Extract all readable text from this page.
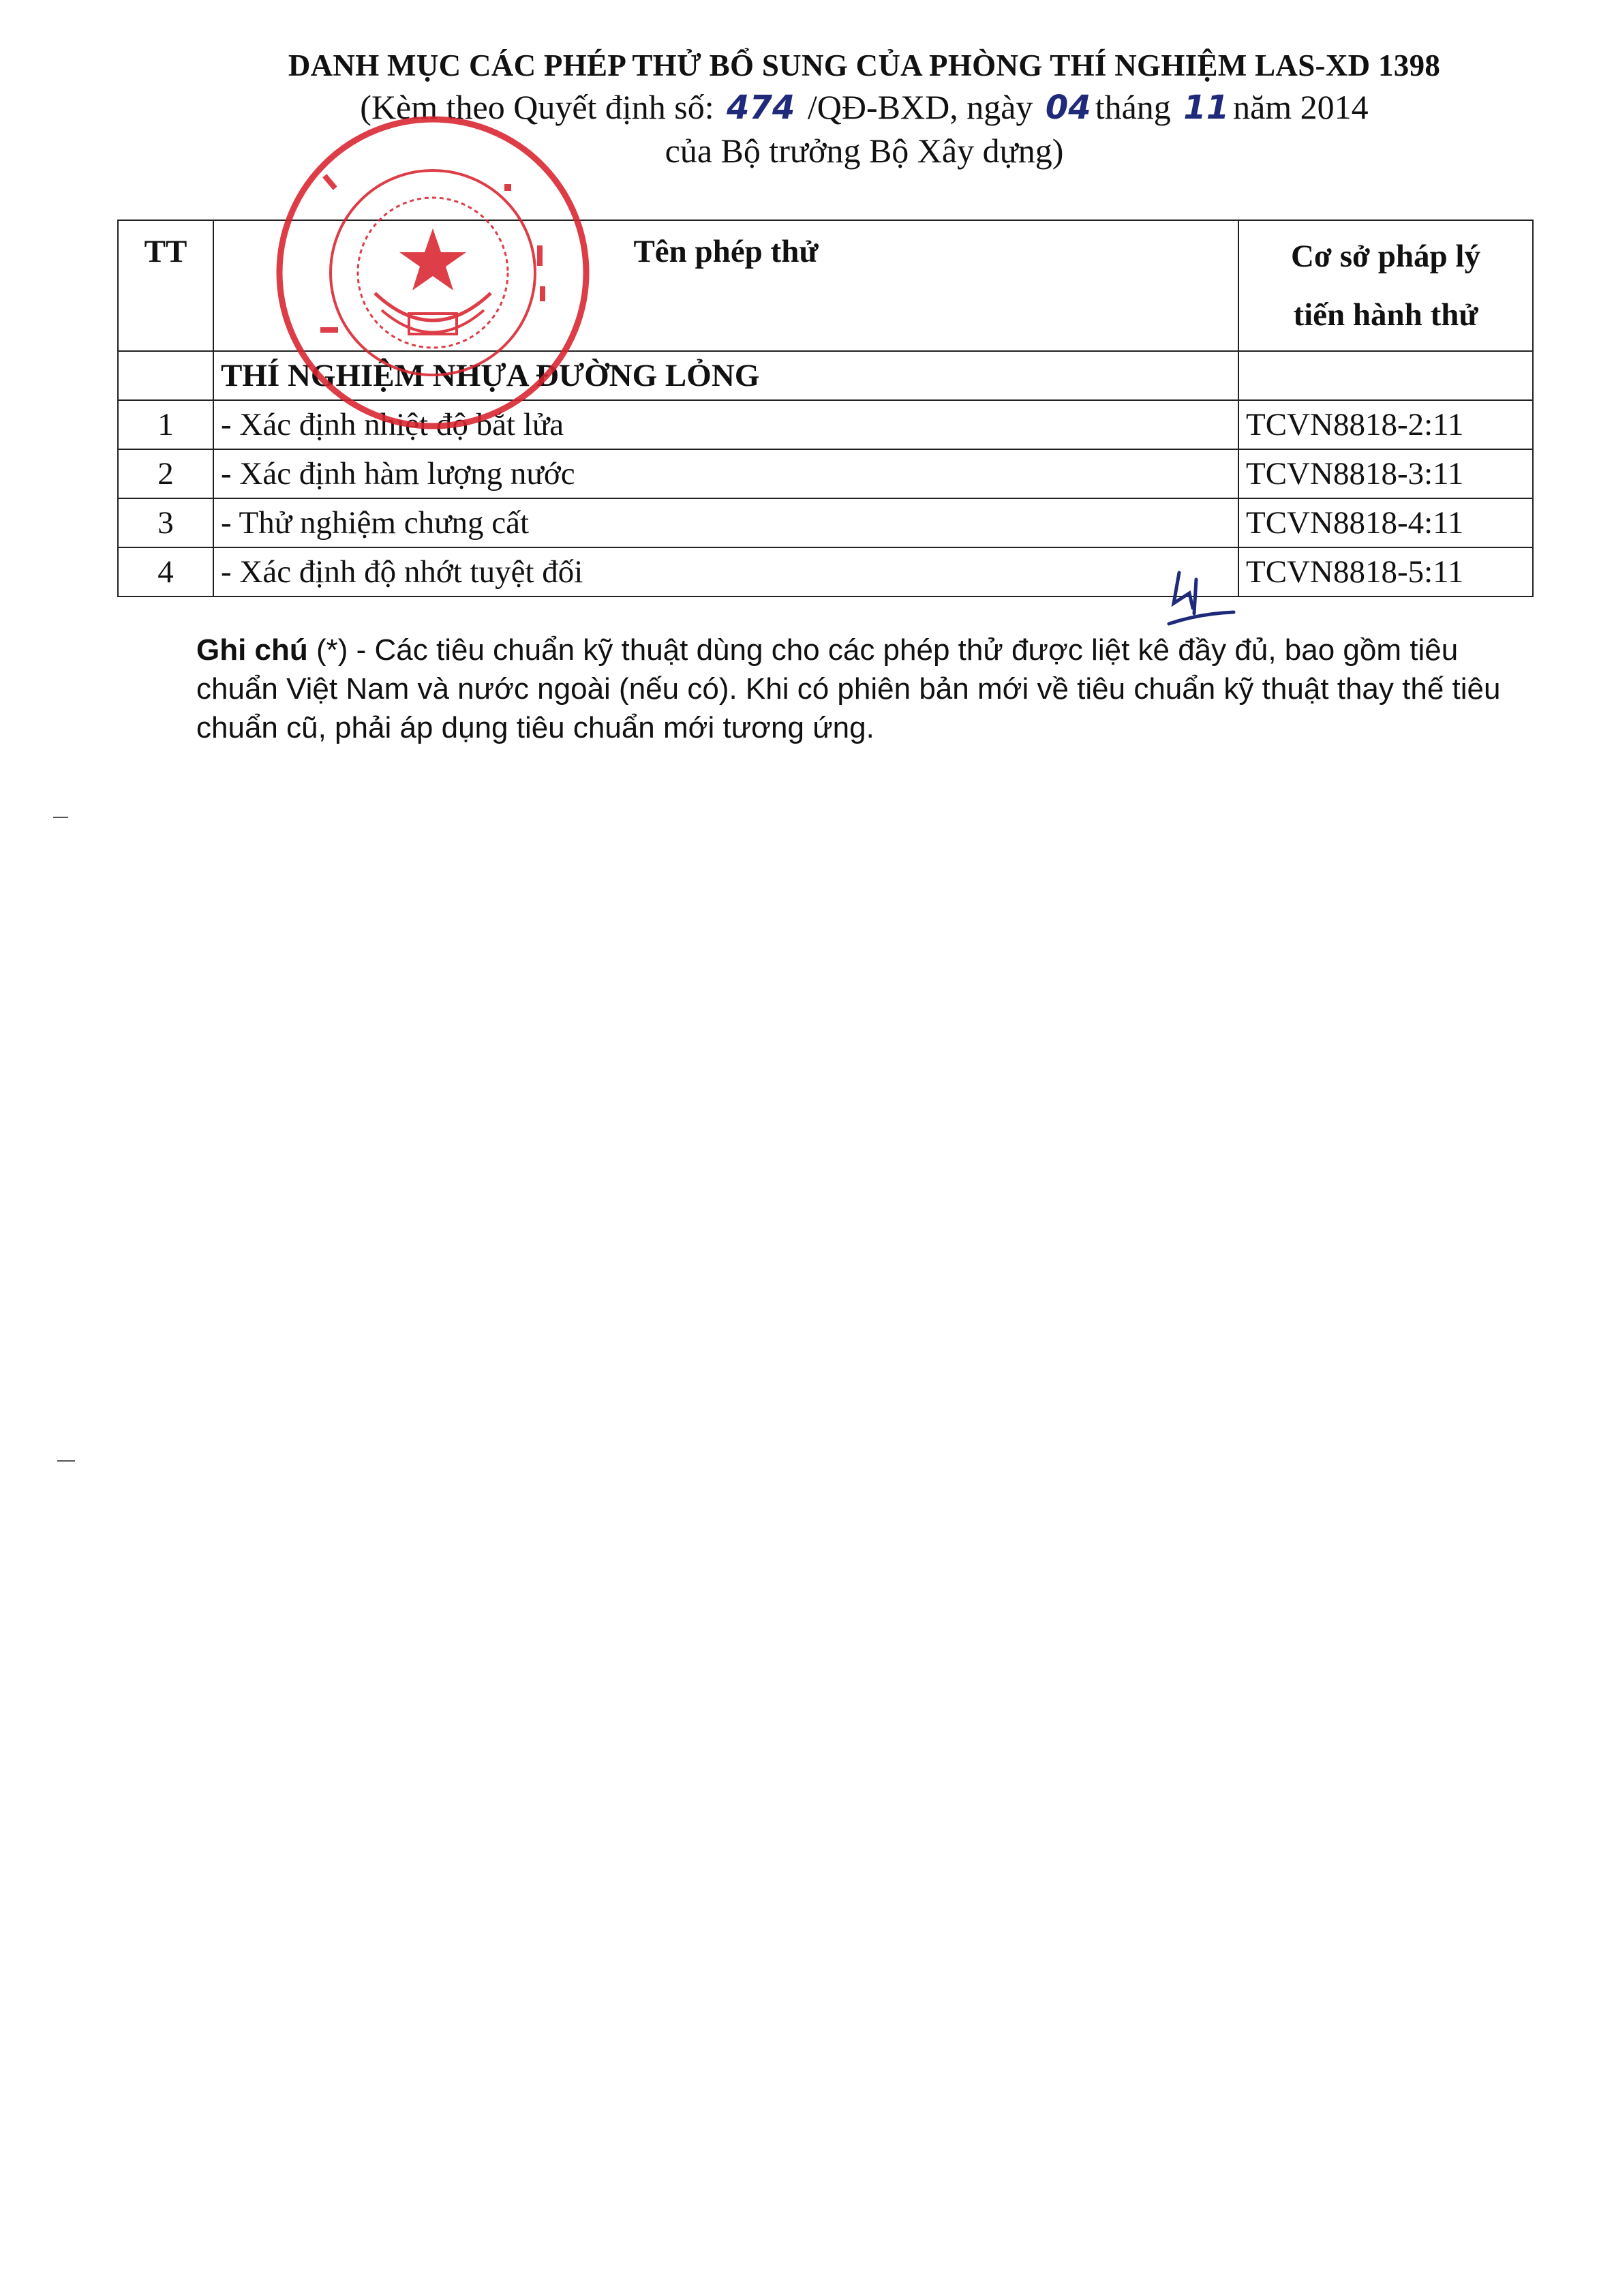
DANH MỤC CÁC PHÉP THỬ BỔ SUNG CỦA PHÒNG THÍ NGHIỆM LAS-XD 1398
(Kèm theo Quyết định số: 474 /QĐ-BXD, ngày 04 tháng 11 năm 2014
của Bộ trưởng Bộ Xây dựng)
TT	Tên phép thử	Cơ sở pháp lý
tiến hành thử
	THÍ NGHIỆM NHỰA ĐƯỜNG LỎNG	
1	- Xác định nhiệt độ bắt lửa	TCVN8818-2:11
2	- Xác định hàm lượng nước	TCVN8818-3:11
3	- Thử nghiệm chưng cất	TCVN8818-4:11
4	- Xác định độ nhớt tuyệt đối	TCVN8818-5:11
Ghi chú (*) - Các tiêu chuẩn kỹ thuật dùng cho các phép thử được liệt kê đầy đủ, bao gồm tiêu chuẩn Việt Nam và nước ngoài (nếu có). Khi có phiên bản mới về tiêu chuẩn kỹ thuật thay thế tiêu chuẩn cũ, phải áp dụng tiêu chuẩn mới tương ứng.
